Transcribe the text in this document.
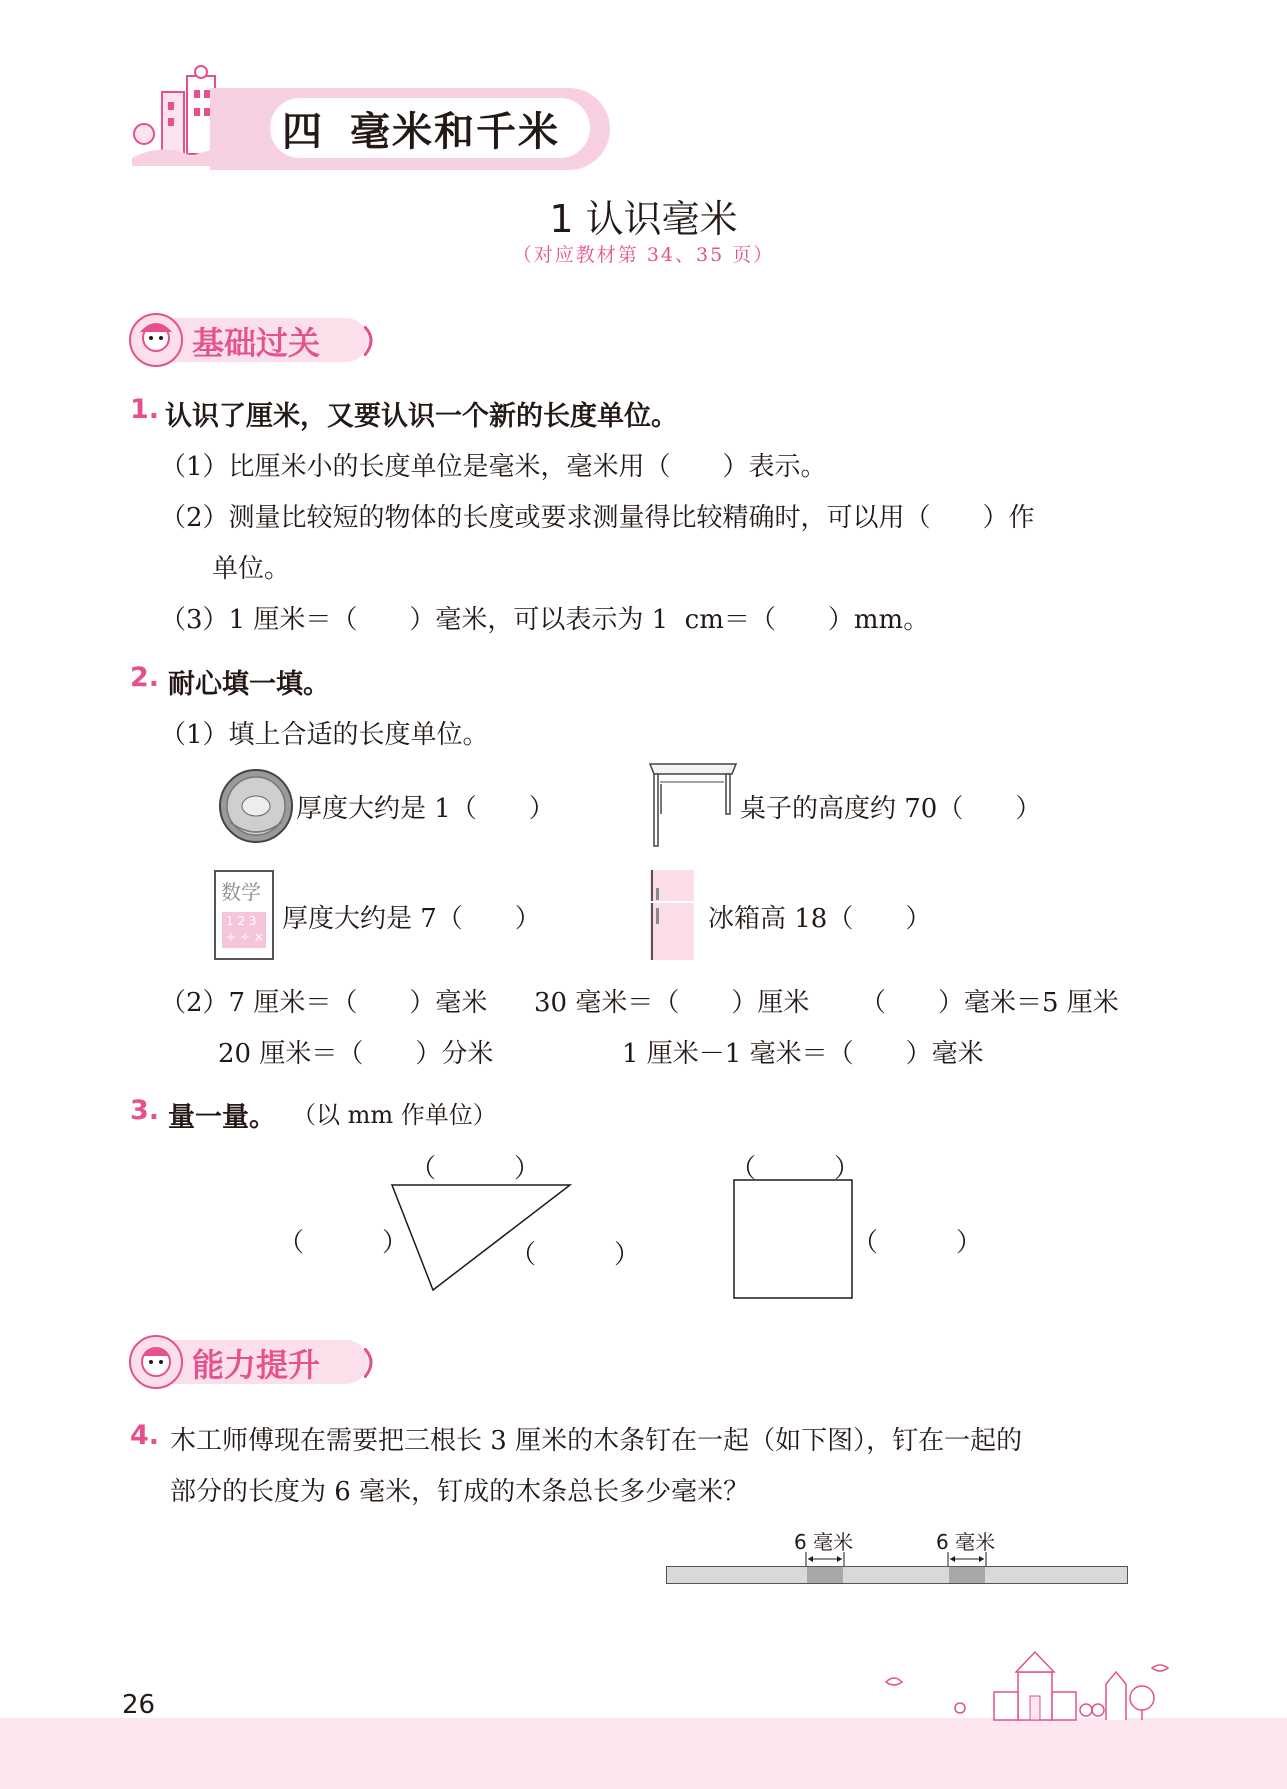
四 毫米和千米
1 认识毫米
（对应教材第 34、35 页）
基础过关
1. 认识了厘米，又要认识一个新的长度单位。
（1）比厘米小的长度单位是毫米，毫米用（　　）表示。
（2）测量比较短的物体的长度或要求测量得比较精确时，可以用（　　）作
单位。
（3）1 厘米＝（　　）毫米，可以表示为 1  cm＝（　　）mm。
2. 耐心填一填。
（1）填上合适的长度单位。
厚度大约是 1（　　）	桌子的高度约 70（　　）
数学
1 2 3
+ ÷ ×
厚度大约是 7（　　）	冰箱高 18（　　）
（2）7 厘米＝（　　）毫米 30 毫米＝（　　）厘米 （　　）毫米＝5 厘米
20 厘米＝（　　）分米	1 厘米－1 毫米＝（　　）毫米
3. 量一量。 （以 mm 作单位）
（　　　）
（　　　）	（　　　）
（　　　）
（　　　）
能力提升
4. 木工师傅现在需要把三根长 3 厘米的木条钉在一起（如下图），钉在一起的
部分的长度为 6 毫米，钉成的木条总长多少毫米？
6 毫米	6 毫米
26
